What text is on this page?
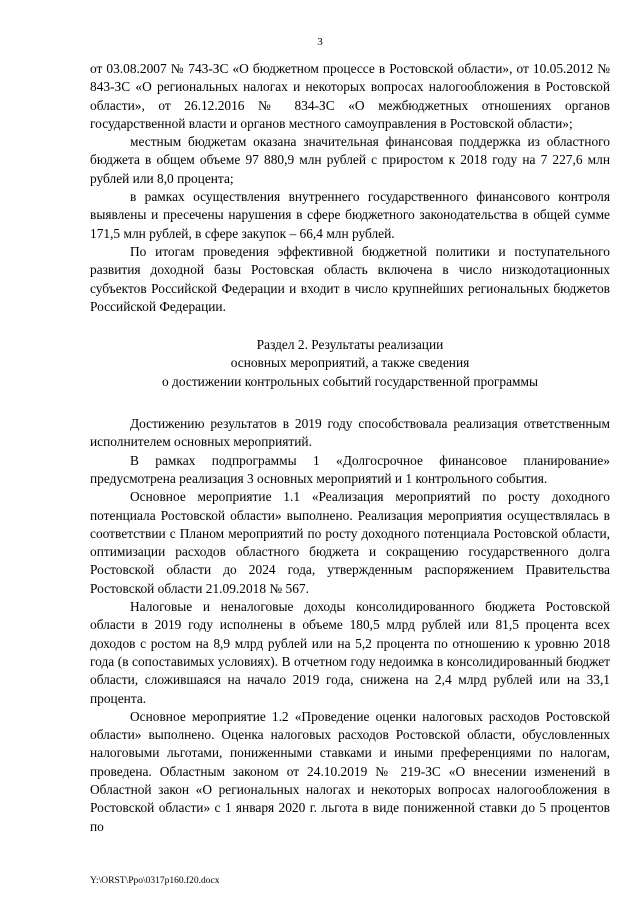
3

от 03.08.2007 № 743-ЗС «О бюджетном процессе в Ростовской области», от 10.05.2012 № 843-ЗС «О региональных налогах и некоторых вопросах налогообложения в Ростовской области», от 26.12.2016 № 834-ЗС «О межбюджетных отношениях органов государственной власти и органов местного самоуправления в Ростовской области»;

местным бюджетам оказана значительная финансовая поддержка из областного бюджета в общем объеме 97 880,9 млн рублей с приростом к 2018 году на 7 227,6 млн рублей или 8,0 процента;

в рамках осуществления внутреннего государственного финансового контроля выявлены и пресечены нарушения в сфере бюджетного законодательства в общей сумме 171,5 млн рублей, в сфере закупок – 66,4 млн рублей.

По итогам проведения эффективной бюджетной политики и поступательного развития доходной базы Ростовская область включена в число низкодотационных субъектов Российской Федерации и входит в число крупнейших региональных бюджетов Российской Федерации.

Раздел 2. Результаты реализации
основных мероприятий, а также сведения
о достижении контрольных событий государственной программы

Достижению результатов в 2019 году способствовала реализация ответственным исполнителем основных мероприятий.

В рамках подпрограммы 1 «Долгосрочное финансовое планирование» предусмотрена реализация 3 основных мероприятий и 1 контрольного события.

Основное мероприятие 1.1 «Реализация мероприятий по росту доходного потенциала Ростовской области» выполнено. Реализация мероприятия осуществлялась в соответствии с Планом мероприятий по росту доходного потенциала Ростовской области, оптимизации расходов областного бюджета и сокращению государственного долга Ростовской области до 2024 года, утвержденным распоряжением Правительства Ростовской области 21.09.2018 № 567.

Налоговые и неналоговые доходы консолидированного бюджета Ростовской области в 2019 году исполнены в объеме 180,5 млрд рублей или 81,5 процента всех доходов с ростом на 8,9 млрд рублей или на 5,2 процента по отношению к уровню 2018 года (в сопоставимых условиях). В отчетном году недоимка в консолидированный бюджет области, сложившаяся на начало 2019 года, снижена на 2,4 млрд рублей или на 33,1 процента.

Основное мероприятие 1.2 «Проведение оценки налоговых расходов Ростовской области» выполнено. Оценка налоговых расходов Ростовской области, обусловленных налоговыми льготами, пониженными ставками и иными преференциями по налогам, проведена. Областным законом от 24.10.2019 № 219-ЗС «О внесении изменений в Областной закон «О региональных налогах и некоторых вопросах налогообложения в Ростовской области» с 1 января 2020 г. льгота в виде пониженной ставки до 5 процентов по

Y:\ORST\Ppo\0317p160.f20.docx
